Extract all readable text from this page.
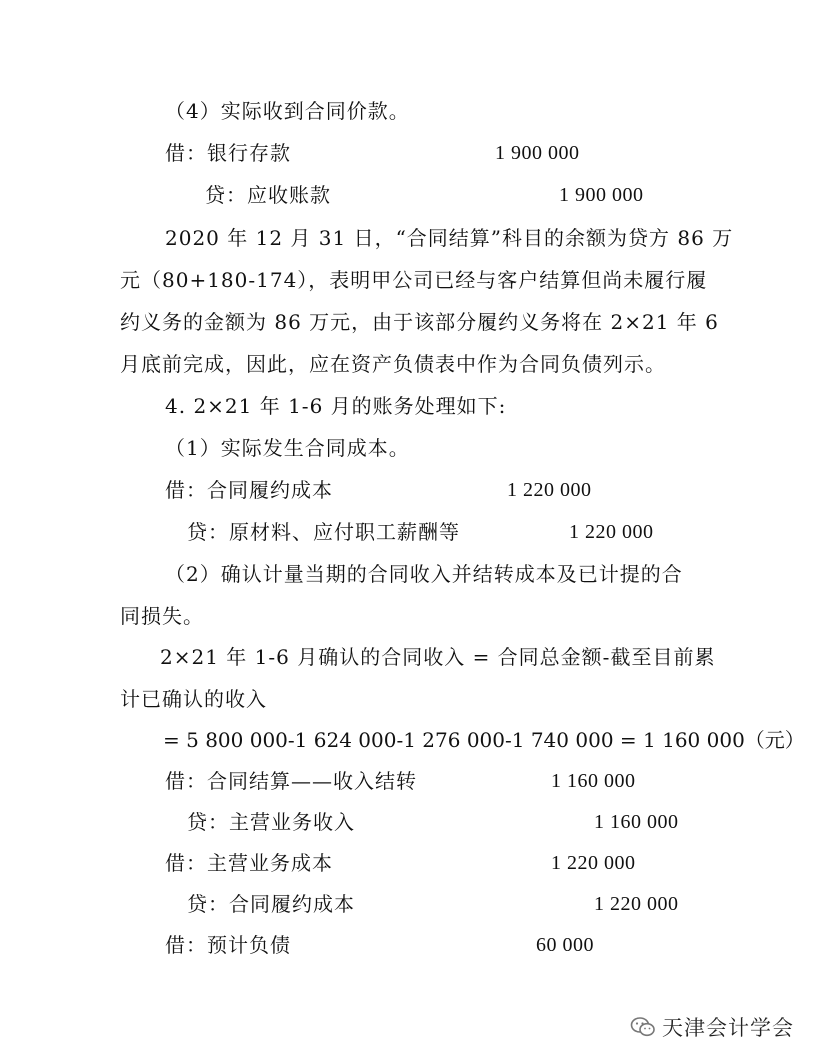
（4）实际收到合同价款。
借：银行存款	1 900 000
贷：应收账款	1 900 000
2020 年 12 月 31 日，“合同结算”科目的余额为贷方 86 万
元（80+180-174），表明甲公司已经与客户结算但尚未履行履
约义务的金额为 86 万元，由于该部分履约义务将在 2×21 年 6
月底前完成，因此，应在资产负债表中作为合同负债列示。
4. 2×21 年 1-6 月的账务处理如下:
（1）实际发生合同成本。
借：合同履约成本	1 220 000
贷：原材料、应付职工薪酬等	1 220 000
（2）确认计量当期的合同收入并结转成本及已计提的合
同损失。
2×21 年 1-6 月确认的合同收入 = 合同总金额-截至目前累
计已确认的收入
= 5 800 000-1 624 000-1 276 000-1 740 000 = 1 160 000（元）
借：合同结算——收入结转	1 160 000
贷：主营业务收入	1 160 000
借：主营业务成本	1 220 000
贷：合同履约成本	1 220 000
借：预计负债	60 000
天津会计学会
